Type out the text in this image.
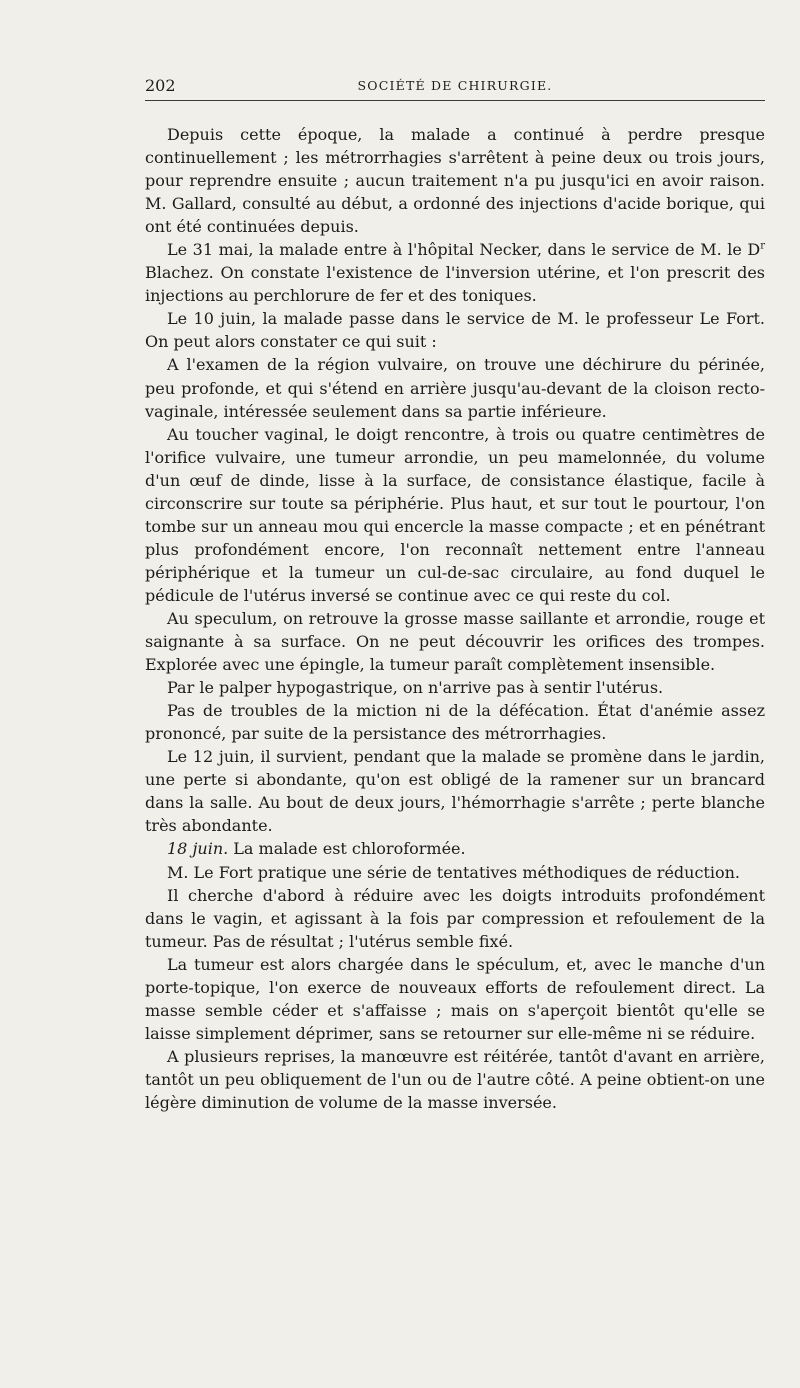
202	SOCIÉTÉ DE CHIRURGIE.

Depuis cette époque, la malade a continué à perdre presque continuellement ; les métrorrhagies s'arrêtent à peine deux ou trois jours, pour reprendre ensuite ; aucun traitement n'a pu jusqu'ici en avoir raison. M. Gallard, consulté au début, a ordonné des injections d'acide borique, qui ont été continuées depuis.

Le 31 mai, la malade entre à l'hôpital Necker, dans le service de M. le $D^r$ Blachez. On constate l'existence de l'inversion utérine, et l'on prescrit des injections au perchlorure de fer et des toniques.

Le 10 juin, la malade passe dans le service de M. le professeur Le Fort. On peut alors constater ce qui suit :

A l'examen de la région vulvaire, on trouve une déchirure du périnée, peu profonde, et qui s'étend en arrière jusqu'au-devant de la cloison recto-vaginale, intéressée seulement dans sa partie inférieure.

Au toucher vaginal, le doigt rencontre, à trois ou quatre centimètres de l'orifice vulvaire, une tumeur arrondie, un peu mamelonnée, du volume d'un œuf de dinde, lisse à la surface, de consistance élastique, facile à circonscrire sur toute sa périphérie. Plus haut, et sur tout le pourtour, l'on tombe sur un anneau mou qui encercle la masse compacte ; et en pénétrant plus profondément encore, l'on reconnaît nettement entre l'anneau périphérique et la tumeur un cul-de-sac circulaire, au fond duquel le pédicule de l'utérus inversé se continue avec ce qui reste du col.

Au speculum, on retrouve la grosse masse saillante et arrondie, rouge et saignante à sa surface. On ne peut découvrir les orifices des trompes. Explorée avec une épingle, la tumeur paraît complètement insensible.

Par le palper hypogastrique, on n'arrive pas à sentir l'utérus.

Pas de troubles de la miction ni de la défécation. État d'anémie assez prononcé, par suite de la persistance des métrorrhagies.

Le 12 juin, il survient, pendant que la malade se promène dans le jardin, une perte si abondante, qu'on est obligé de la ramener sur un brancard dans la salle. Au bout de deux jours, l'hémorrhagie s'arrête ; perte blanche très abondante.

18 juin. La malade est chloroformée.

M. Le Fort pratique une série de tentatives méthodiques de réduction.

Il cherche d'abord à réduire avec les doigts introduits profondément dans le vagin, et agissant à la fois par compression et refoulement de la tumeur. Pas de résultat ; l'utérus semble fixé.

La tumeur est alors chargée dans le spéculum, et, avec le manche d'un porte-topique, l'on exerce de nouveaux efforts de refoulement direct. La masse semble céder et s'affaisse ; mais on s'aperçoit bientôt qu'elle se laisse simplement déprimer, sans se retourner sur elle-même ni se réduire.

A plusieurs reprises, la manœuvre est réitérée, tantôt d'avant en arrière, tantôt un peu obliquement de l'un ou de l'autre côté. A peine obtient-on une légère diminution de volume de la masse inversée.
